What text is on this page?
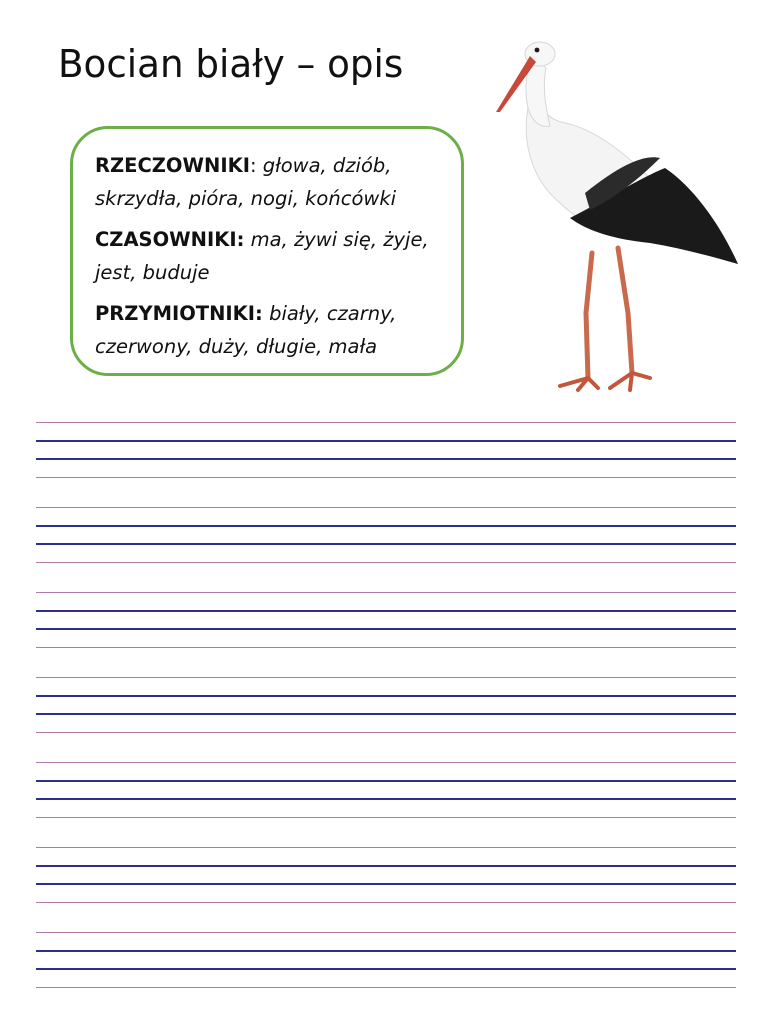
Bocian biały – opis

RZECZOWNIKI: głowa, dziób, skrzydła, pióra, nogi, końcówki

CZASOWNIKI: ma, żywi się, żyje, jest, buduje

PRZYMIOTNIKI: biały, czarny, czerwony, duży, długie, mała
